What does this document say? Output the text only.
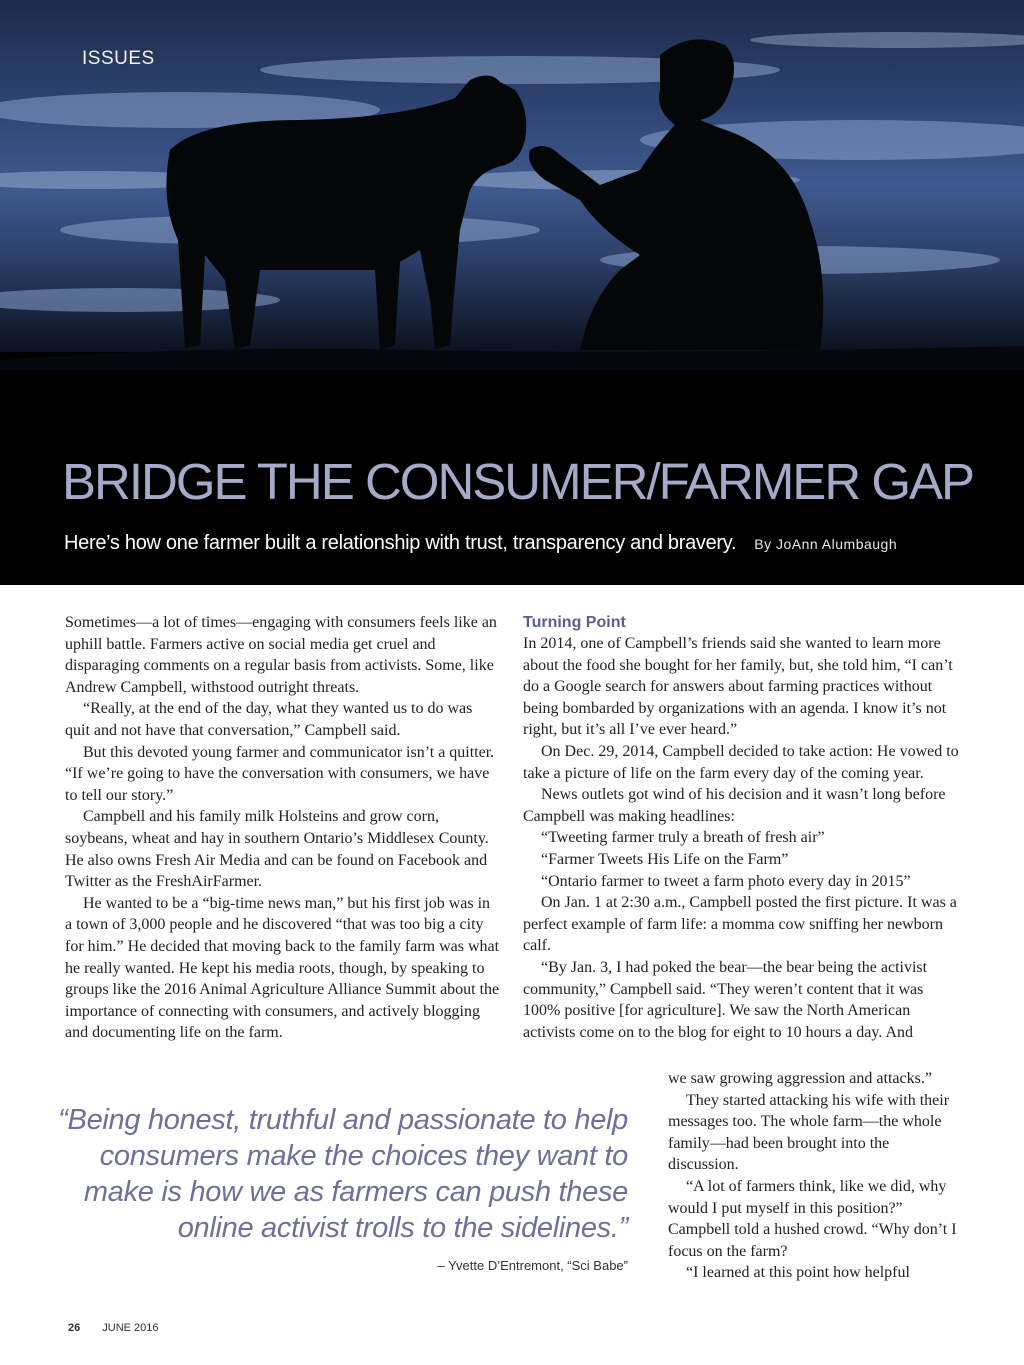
ISSUES
BRIDGE THE CONSUMER/FARMER GAP
Here’s how one farmer built a relationship with trust, transparency and bravery. By JoAnn Alumbaugh

Sometimes—a lot of times—engaging with consumers feels like an uphill battle. Farmers active on social media get cruel and disparaging comments on a regular basis from activists. Some, like Andrew Campbell, withstood outright threats.

“Really, at the end of the day, what they wanted us to do was quit and not have that conversation,” Campbell said.

But this devoted young farmer and communicator isn’t a quitter. “If we’re going to have the conversation with consumers, we have to tell our story.”

Campbell and his family milk Holsteins and grow corn, soybeans, wheat and hay in southern Ontario’s Middlesex County. He also owns Fresh Air Media and can be found on Facebook and Twitter as the FreshAirFarmer.

He wanted to be a “big-time news man,” but his first job was in a town of 3,000 people and he discovered “that was too big a city for him.” He decided that moving back to the family farm was what he really wanted. He kept his media roots, though, by speaking to groups like the 2016 Animal Agriculture Alliance Summit about the importance of connecting with consumers, and actively blogging and documenting life on the farm.

Turning Point

In 2014, one of Campbell’s friends said she wanted to learn more about the food she bought for her family, but, she told him, “I can’t do a Google search for answers about farming practices without being bombarded by organizations with an agenda. I know it’s not right, but it’s all I’ve ever heard.”

On Dec. 29, 2014, Campbell decided to take action: He vowed to take a picture of life on the farm every day of the coming year.

News outlets got wind of his decision and it wasn’t long before Campbell was making headlines:

“Tweeting farmer truly a breath of fresh air”

“Farmer Tweets His Life on the Farm”

“Ontario farmer to tweet a farm photo every day in 2015”

On Jan. 1 at 2:30 a.m., Campbell posted the first picture. It was a perfect example of farm life: a momma cow sniffing her newborn calf.

“By Jan. 3, I had poked the bear—the bear being the activist community,” Campbell said. “They weren’t content that it was 100% positive [for agriculture]. We saw the North American activists come on to the blog for eight to 10 hours a day. And

we saw growing aggression and attacks.”

They started attacking his wife with their messages too. The whole farm—the whole family—had been brought into the discussion.

“A lot of farmers think, like we did, why would I put myself in this position?” Campbell told a hushed crowd. “Why don’t I focus on the farm?

“I learned at this point how helpful

“Being honest, truthful and passionate to help consumers make the choices they want to make is how we as farmers can push these online activist trolls to the sidelines.”

– Yvette D’Entremont, “Sci Babe”
26 JUNE 2016
